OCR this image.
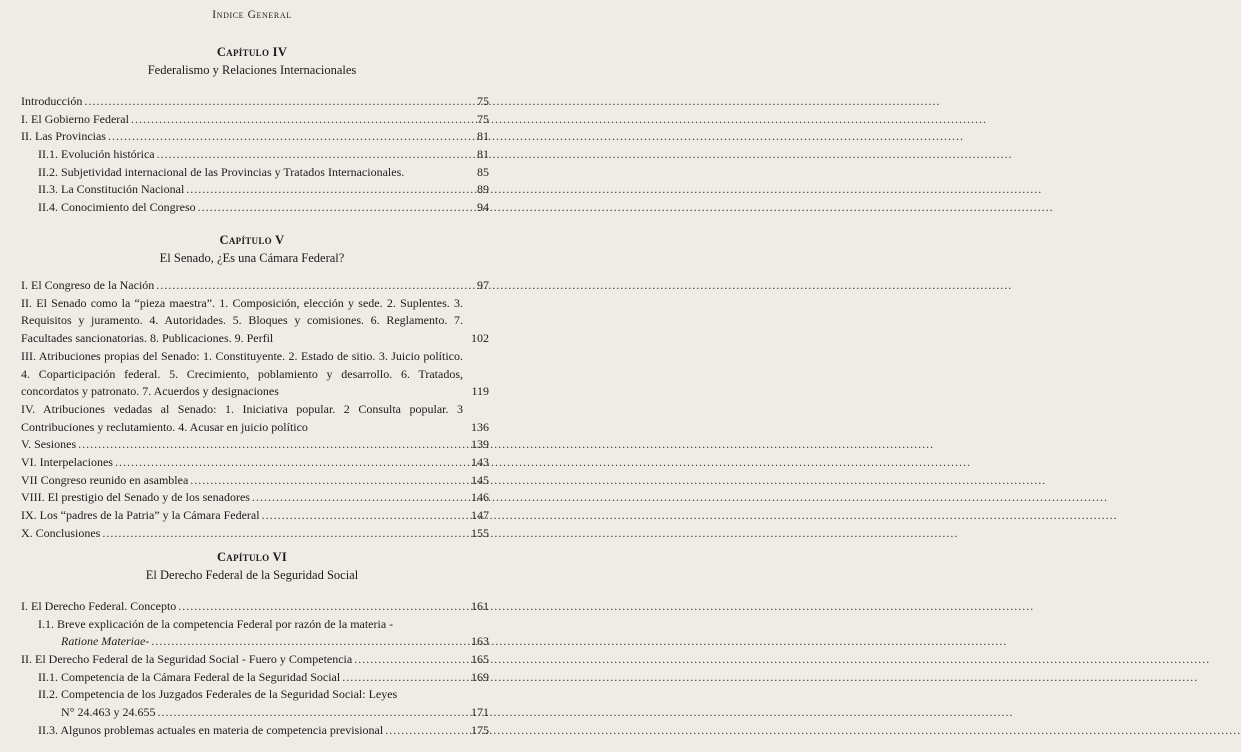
Indice General
Capítulo IV
Federalismo y Relaciones Internacionales
Introducción .....	75
I. El Gobierno Federal .....	75
II. Las Provincias .....	81
II.1. Evolución histórica .....	81
II.2. Subjetividad internacional de las Provincias y Tratados Internacionales.	85
II.3. La Constitución Nacional .....	89
II.4. Conocimiento del Congreso .....	94
Capítulo V
El Senado, ¿Es una Cámara Federal?
I. El Congreso de la Nación .....	97
II. El Senado como la “pieza maestra”. 1. Composición, elección y sede. 2. Suplentes. 3. Requisitos y juramento. 4. Autoridades. 5. Bloques y comisiones. 6. Reglamento. 7. Facultades sancionatorias. 8. Publicaciones. 9. Perfil	102
III. Atribuciones propias del Senado: 1. Constituyente. 2. Estado de sitio. 3. Juicio político. 4. Coparticipación federal. 5. Crecimiento, poblamiento y desarrollo. 6. Tratados, concordatos y patronato. 7. Acuerdos y designaciones	119
IV. Atribuciones vedadas al Senado: 1. Iniciativa popular. 2 Consulta popular. 3 Contribuciones y reclutamiento. 4. Acusar en juicio político	136
V. Sesiones .....	139
VI. Interpelaciones .....	143
VII Congreso reunido en asamblea .....	145
VIII. El prestigio del Senado y de los senadores .....	146
IX. Los “padres de la Patria” y la Cámara Federal .....	147
X. Conclusiones .....	155
Capítulo VI
El Derecho Federal de la Seguridad Social
I. El Derecho Federal. Concepto .....	161
I.1. Breve explicación de la competencia Federal por razón de la materia -
Ratione Materiae- .....	163
II. El Derecho Federal de la Seguridad Social - Fuero y Competencia .....	165
II.1. Competencia de la Cámara Federal de la Seguridad Social .....	169
II.2. Competencia de los Juzgados Federales de la Seguridad Social: Leyes
N° 24.463 y 24.655 .....	171
II.3. Algunos problemas actuales en materia de competencia previsional .....	175
